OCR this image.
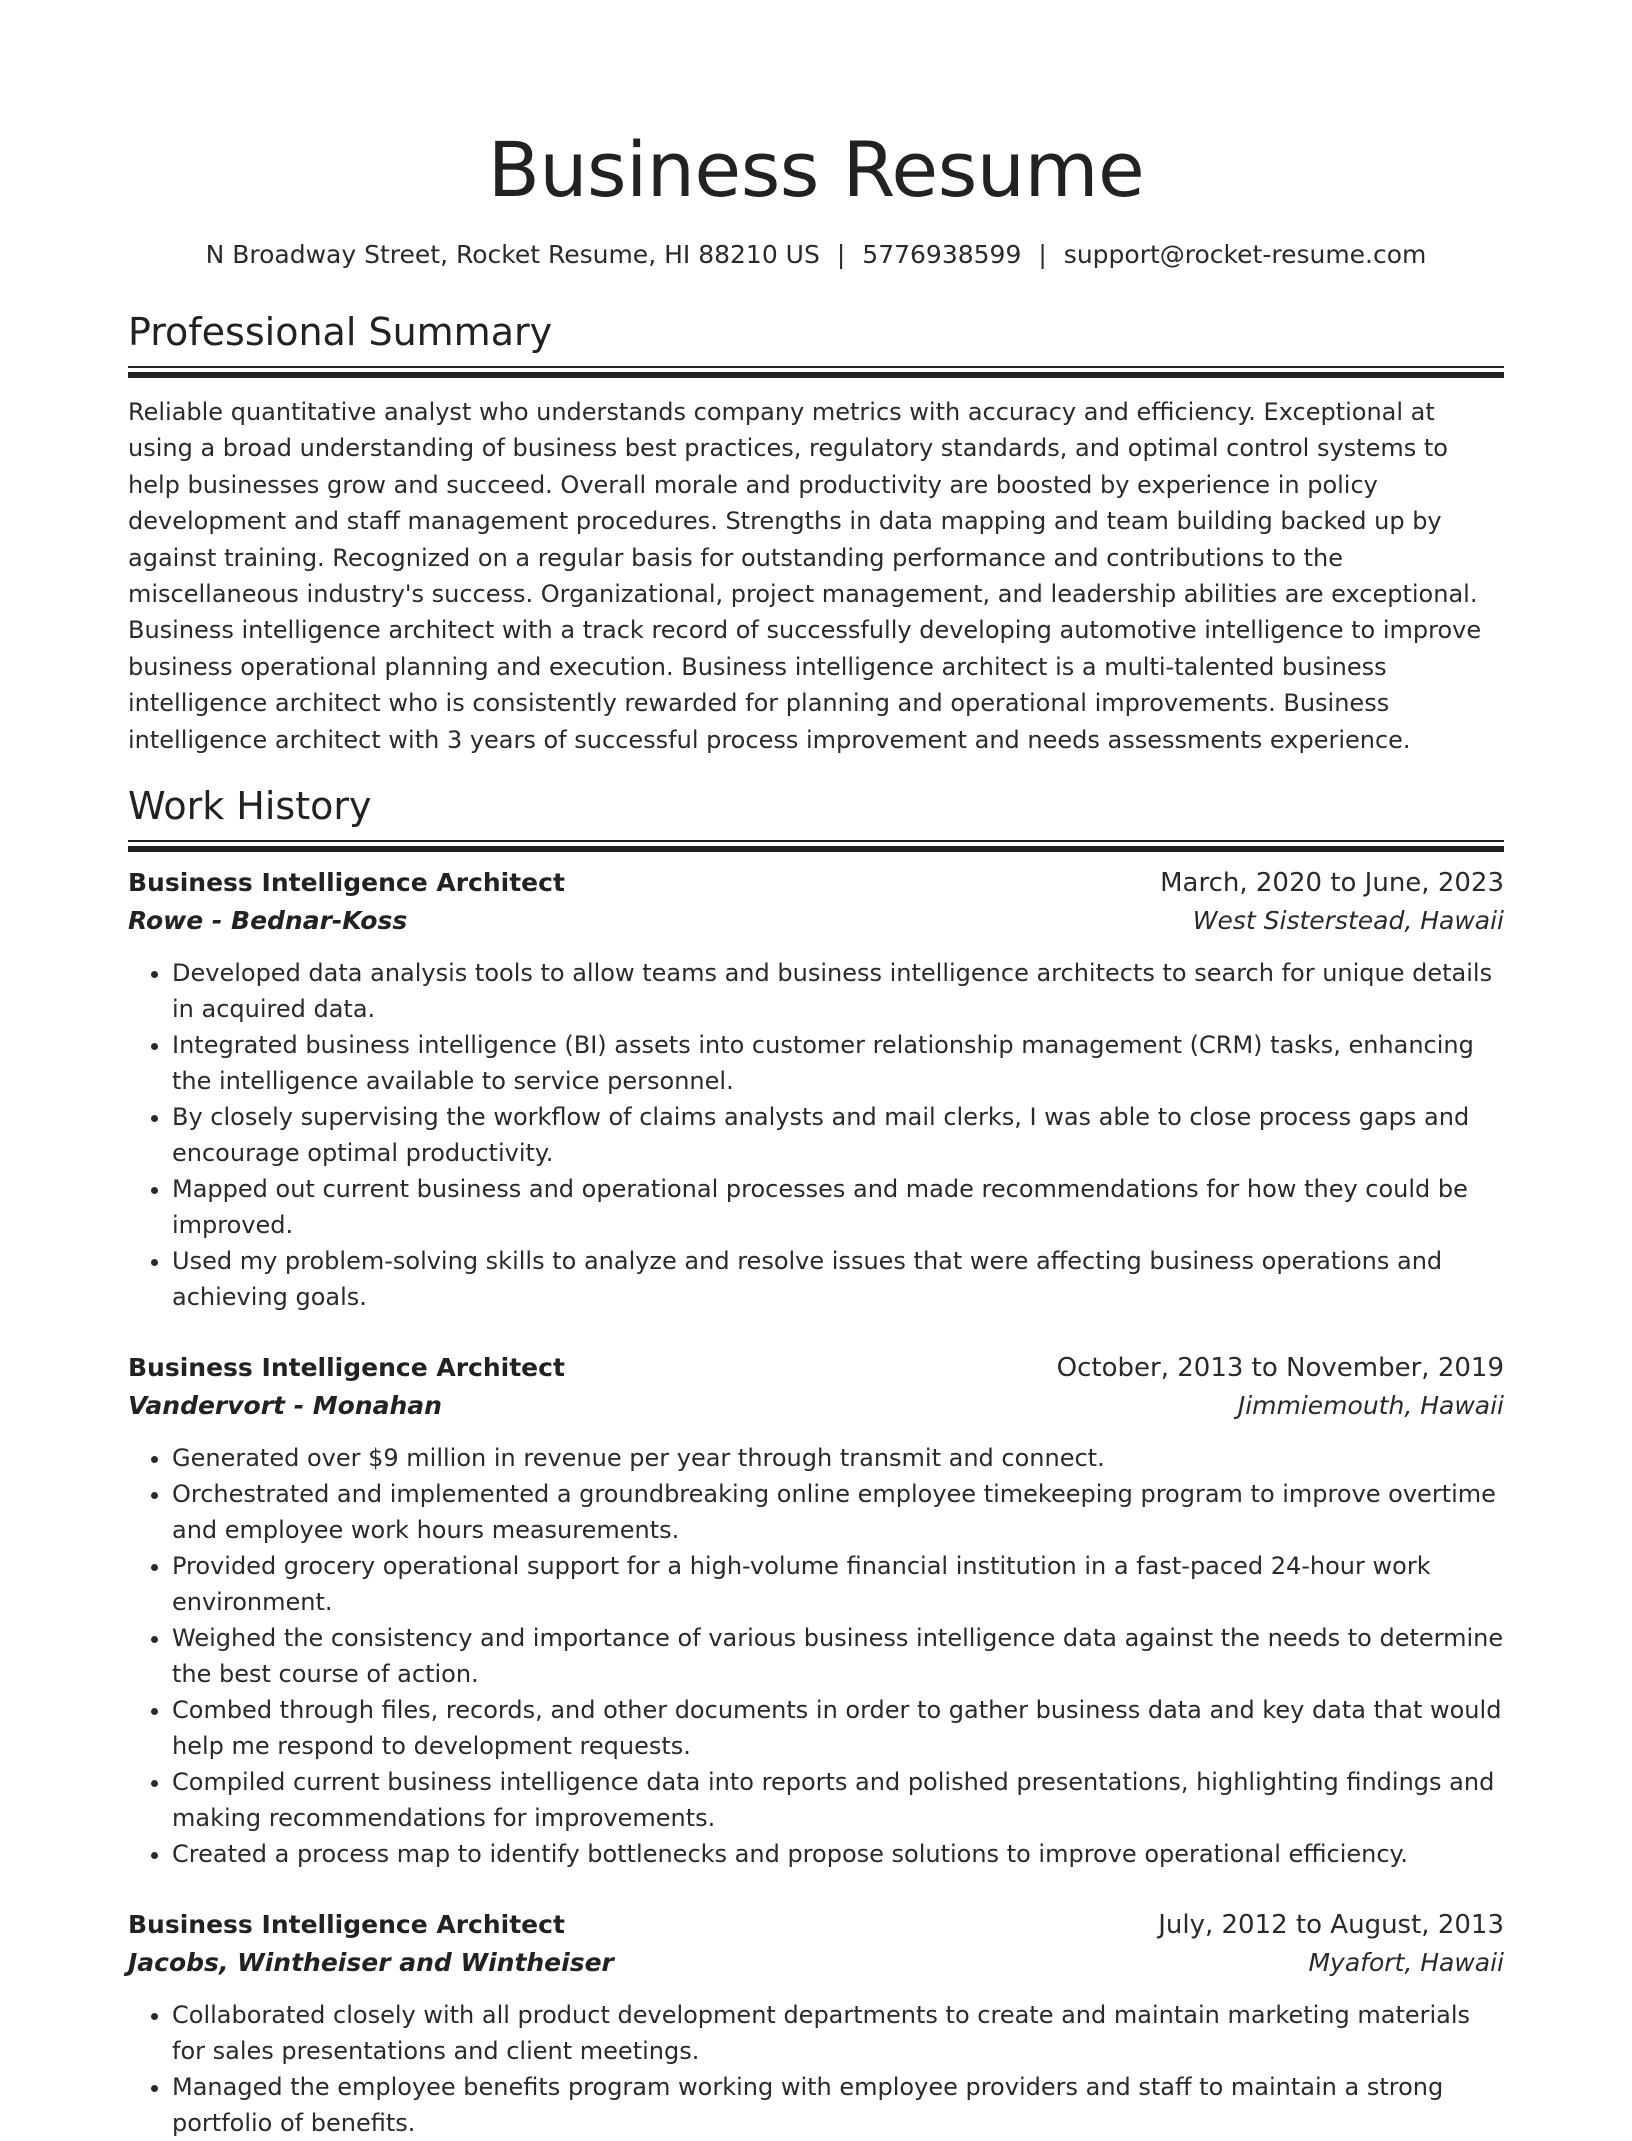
Business Resume
N Broadway Street, Rocket Resume, HI 88210 US | 5776938599 | support@rocket-resume.com
Professional Summary

Reliable quantitative analyst who understands company metrics with accuracy and efficiency. Exceptional at using a broad understanding of business best practices, regulatory standards, and optimal control systems to help businesses grow and succeed. Overall morale and productivity are boosted by experience in policy development and staff management procedures. Strengths in data mapping and team building backed up by against training. Recognized on a regular basis for outstanding performance and contributions to the miscellaneous industry's success. Organizational, project management, and leadership abilities are exceptional. Business intelligence architect with a track record of successfully developing automotive intelligence to improve business operational planning and execution. Business intelligence architect is a multi-talented business intelligence architect who is consistently rewarded for planning and operational improvements. Business intelligence architect with 3 years of successful process improvement and needs assessments experience.

Work History
Business Intelligence Architect	March, 2020 to June, 2023
Rowe - Bednar-Koss	West Sisterstead, Hawaii
• Developed data analysis tools to allow teams and business intelligence architects to search for unique details in acquired data.
• Integrated business intelligence (BI) assets into customer relationship management (CRM) tasks, enhancing the intelligence available to service personnel.
• By closely supervising the workflow of claims analysts and mail clerks, I was able to close process gaps and encourage optimal productivity.
• Mapped out current business and operational processes and made recommendations for how they could be improved.
• Used my problem-solving skills to analyze and resolve issues that were affecting business operations and achieving goals.
Business Intelligence Architect	October, 2013 to November, 2019
Vandervort - Monahan	Jimmiemouth, Hawaii
• Generated over $9 million in revenue per year through transmit and connect.
• Orchestrated and implemented a groundbreaking online employee timekeeping program to improve overtime and employee work hours measurements.
• Provided grocery operational support for a high-volume financial institution in a fast-paced 24-hour work environment.
• Weighed the consistency and importance of various business intelligence data against the needs to determine the best course of action.
• Combed through files, records, and other documents in order to gather business data and key data that would help me respond to development requests.
• Compiled current business intelligence data into reports and polished presentations, highlighting findings and making recommendations for improvements.
• Created a process map to identify bottlenecks and propose solutions to improve operational efficiency.
Business Intelligence Architect	July, 2012 to August, 2013
Jacobs, Wintheiser and Wintheiser	Myafort, Hawaii
• Collaborated closely with all product development departments to create and maintain marketing materials for sales presentations and client meetings.
• Managed the employee benefits program working with employee providers and staff to maintain a strong portfolio of benefits.
